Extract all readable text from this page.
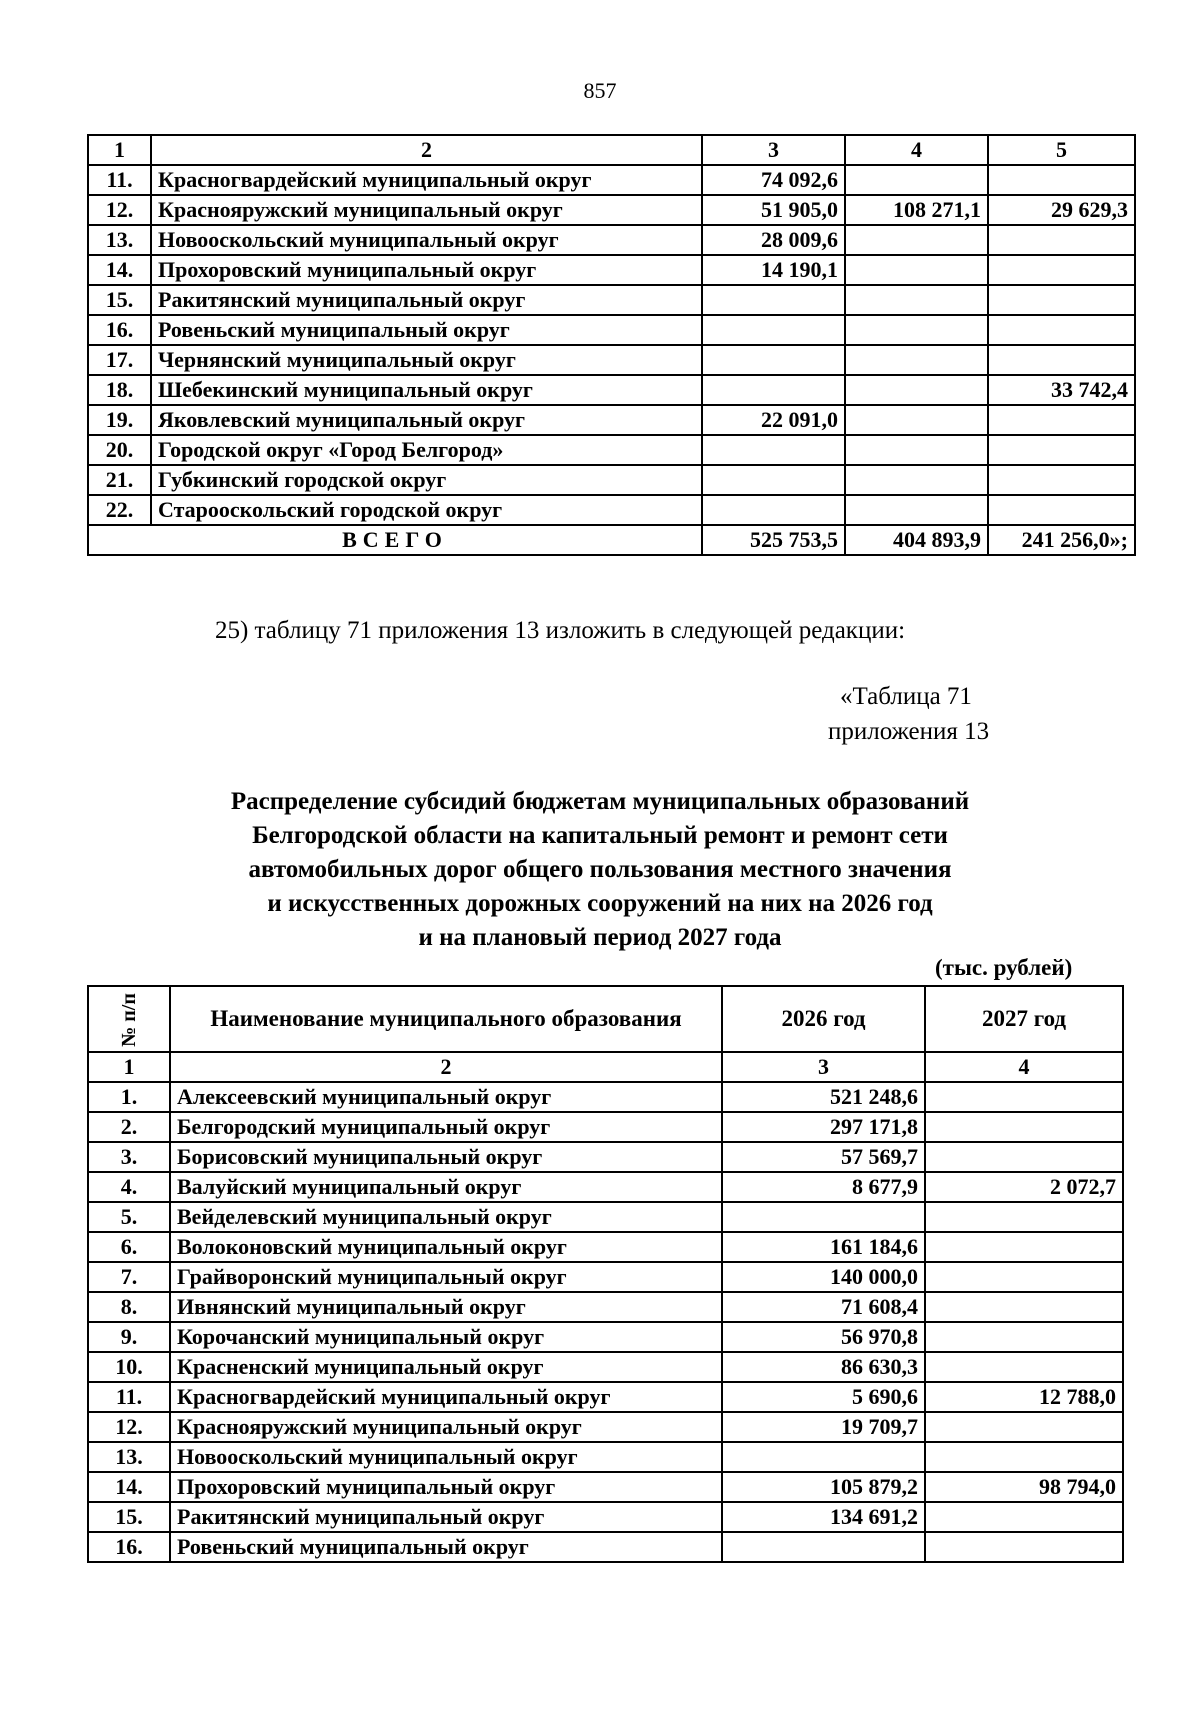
857
1	2	3	4	5
11.	Красногвардейский муниципальный округ	74 092,6		
12.	Краснояружский муниципальный округ	51 905,0	108 271,1	29 629,3
13.	Новооскольский муниципальный округ	28 009,6		
14.	Прохоровский муниципальный округ	14 190,1		
15.	Ракитянский муниципальный округ			
16.	Ровеньский муниципальный округ			
17.	Чернянский муниципальный округ			
18.	Шебекинский муниципальный округ			33 742,4
19.	Яковлевский муниципальный округ	22 091,0		
20.	Городской округ «Город Белгород»			
21.	Губкинский городской округ			
22.	Старооскольский городской округ			
ВСЕГО		525 753,5	404 893,9	241 256,0»;
25) таблицу 71 приложения 13 изложить в следующей редакции:
«Таблица 71
приложения 13
Распределение субсидий бюджетам муниципальных образований
Белгородской области на капитальный ремонт и ремонт сети
автомобильных дорог общего пользования местного значения
и искусственных дорожных сооружений на них на 2026 год
и на плановый период 2027 года
(тыс. рублей)
№ п/п	Наименование муниципального образования	2026 год	2027 год
1	2	3	4
1.	Алексеевский муниципальный округ	521 248,6	
2.	Белгородский муниципальный округ	297 171,8	
3.	Борисовский муниципальный округ	57 569,7	
4.	Валуйский муниципальный округ	8 677,9	2 072,7
5.	Вейделевский муниципальный округ		
6.	Волоконовский муниципальный округ	161 184,6	
7.	Грайворонский муниципальный округ	140 000,0	
8.	Ивнянский муниципальный округ	71 608,4	
9.	Корочанский муниципальный округ	56 970,8	
10.	Красненский муниципальный округ	86 630,3	
11.	Красногвардейский муниципальный округ	5 690,6	12 788,0
12.	Краснояружский муниципальный округ	19 709,7	
13.	Новооскольский муниципальный округ		
14.	Прохоровский муниципальный округ	105 879,2	98 794,0
15.	Ракитянский муниципальный округ	134 691,2	
16.	Ровеньский муниципальный округ		
